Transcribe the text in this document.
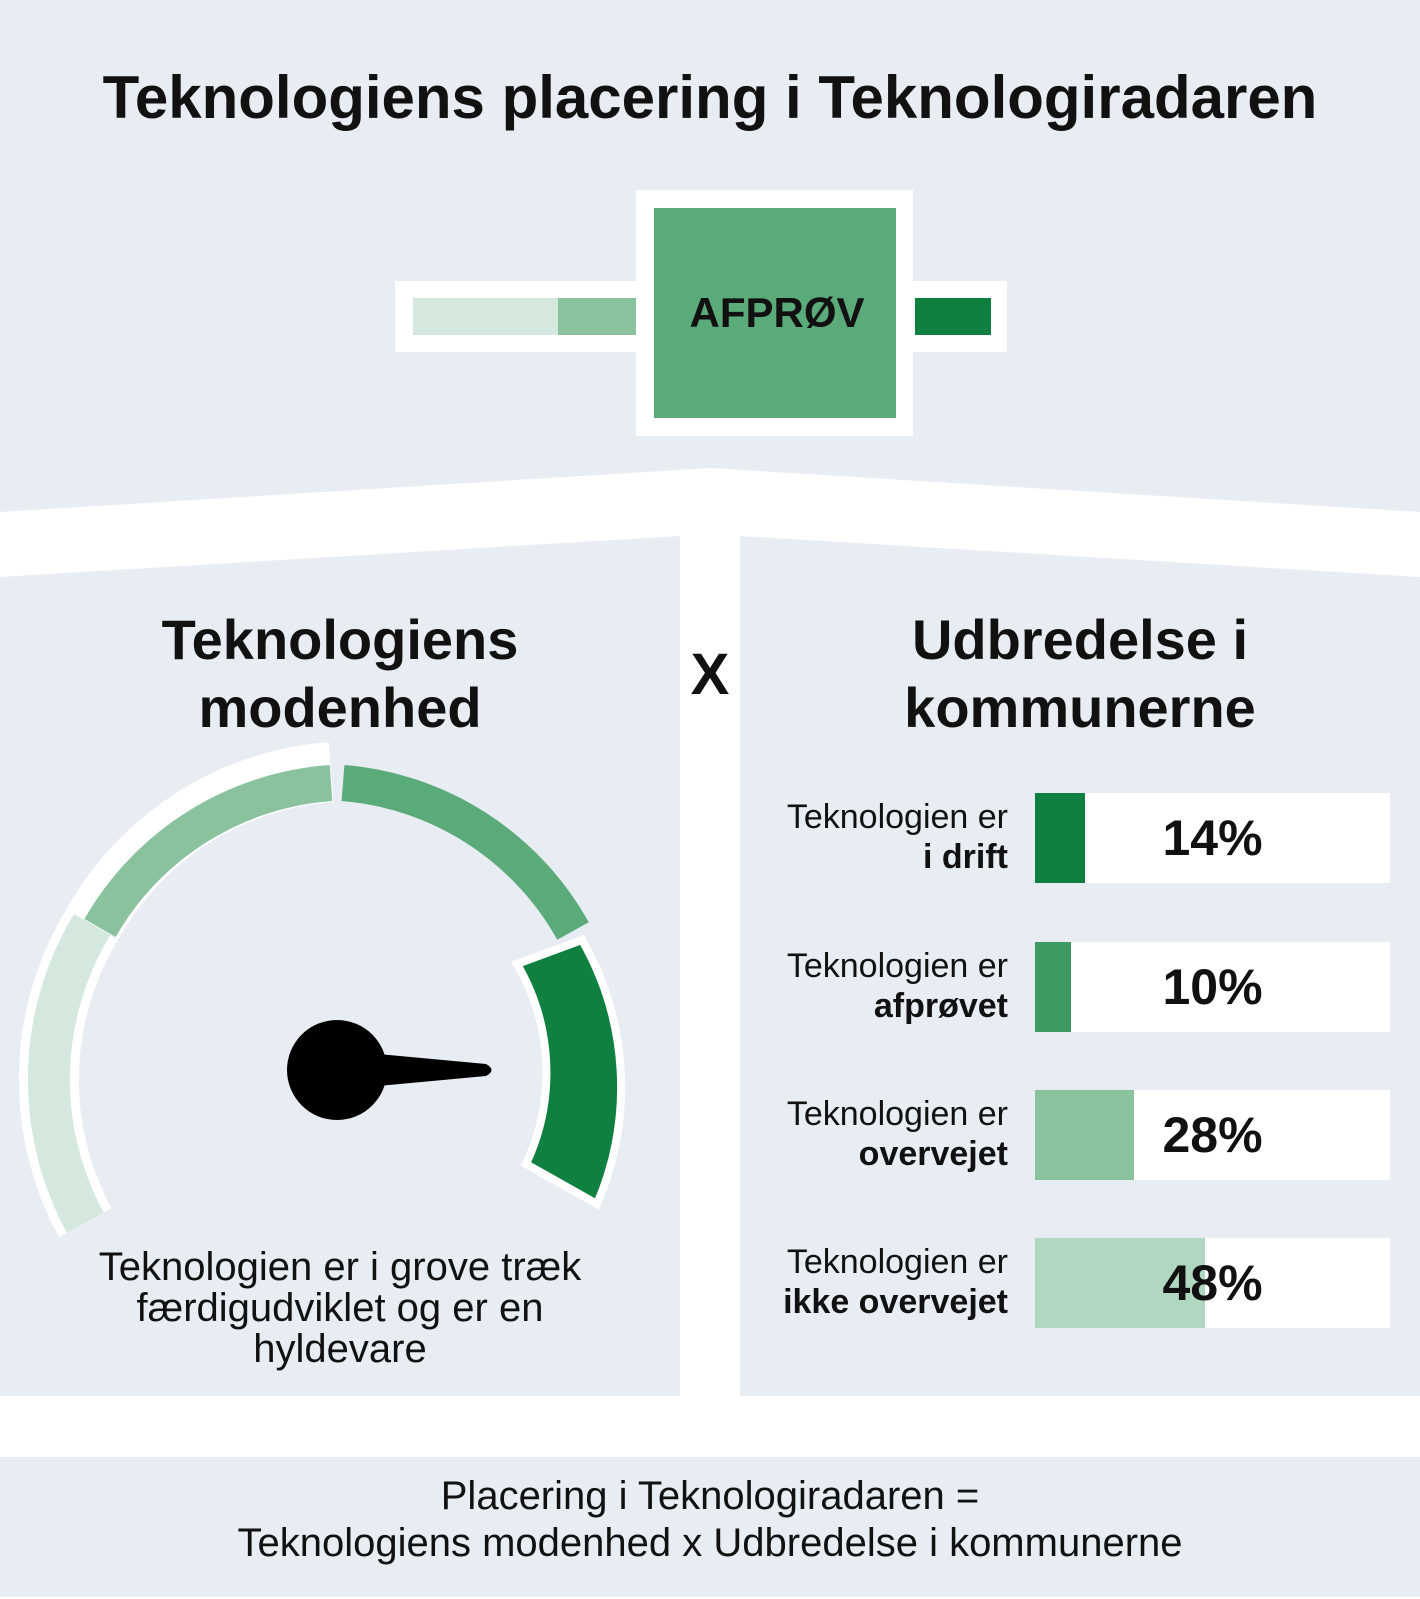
Teknologiens placering i Teknologiradaren
AFPRØV
Teknologiens
modenhed
X
Teknologien er i grove træk
færdigudviklet og er en
hyldevare
Udbredelse i
kommunerne
Teknologien er
i drift	14%
Teknologien er
afprøvet	10%
Teknologien er
overvejet	28%
Teknologien er
ikke overvejet	48%
Placering i Teknologiradaren =
Teknologiens modenhed x Udbredelse i kommunerne
